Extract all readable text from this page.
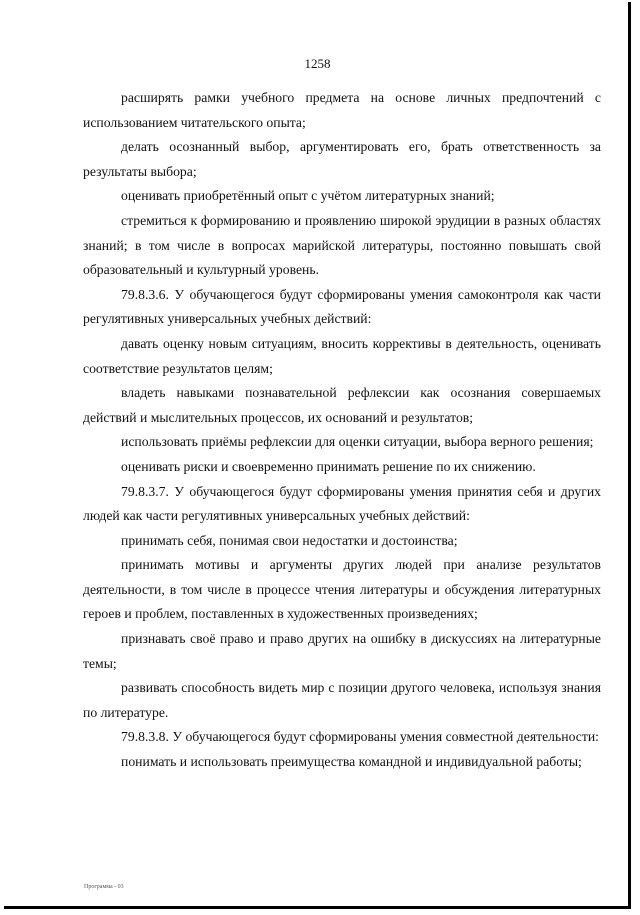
1258

расширять рамки учебного предмета на основе личных предпочтений с использованием читательского опыта;

делать осознанный выбор, аргументировать его, брать ответственность за результаты выбора;

оценивать приобретённый опыт с учётом литературных знаний;

стремиться к формированию и проявлению широкой эрудиции в разных областях знаний; в том числе в вопросах марийской литературы, постоянно повышать свой образовательный и культурный уровень.

79.8.3.6. У обучающегося будут сформированы умения самоконтроля как части регулятивных универсальных учебных действий:

давать оценку новым ситуациям, вносить коррективы в деятельность, оценивать соответствие результатов целям;

владеть навыками познавательной рефлексии как осознания совершаемых действий и мыслительных процессов, их оснований и результатов;

использовать приёмы рефлексии для оценки ситуации, выбора верного решения;

оценивать риски и своевременно принимать решение по их снижению.

79.8.3.7. У обучающегося будут сформированы умения принятия себя и других людей как части регулятивных универсальных учебных действий:

принимать себя, понимая свои недостатки и достоинства;

принимать мотивы и аргументы других людей при анализе результатов деятельности, в том числе в процессе чтения литературы и обсуждения литературных героев и проблем, поставленных в художественных произведениях;

признавать своё право и право других на ошибку в дискуссиях на литературные темы;

развивать способность видеть мир с позиции другого человека, используя знания по литературе.

79.8.3.8. У обучающегося будут сформированы умения совместной деятельности:

понимать и использовать преимущества командной и индивидуальной работы;

Программа - 03
